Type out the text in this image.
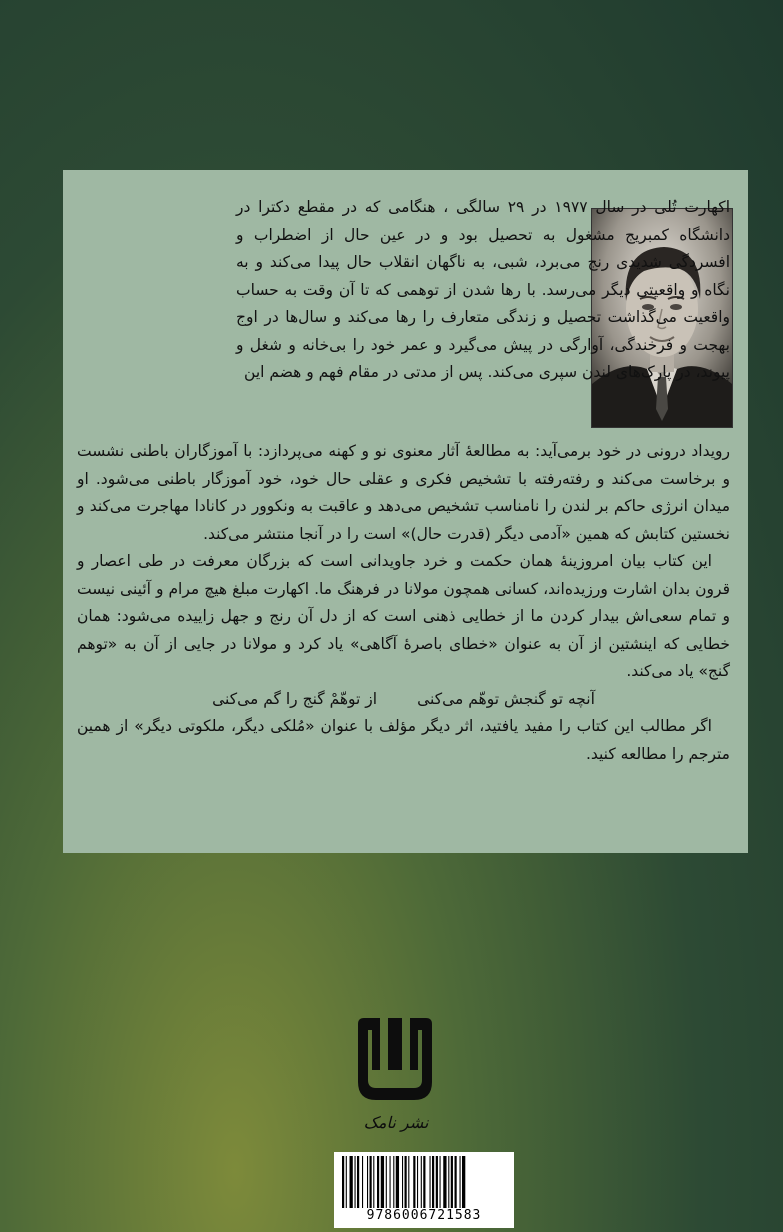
اکهارت تُلی در سال ۱۹۷۷ در ۲۹ سالگی ، هنگامی که در مقطع دکترا در دانشگاه کمبریج مشغول به تحصیل بود و در عین حال از اضطراب و افسردگی شدیدی رنج می‌برد، شبی، به ناگهان انقلاب حال پیدا می‌کند و به نگاه و واقعیتی دیگر می‌رسد. با رها شدن از توهمی که تا آن وقت به حساب واقعیت می‌گذاشت تحصیل و زندگی متعارف را رها می‌کند و سال‌ها در اوج بهجت و فرخندگی، آوارگی در پیش می‌گیرد و عمر خود را بی‌خانه و شغل و پیوند، در پارک‌های لندن سپری می‌کند. پس از مدتی در مقام فهم و هضم این

رویداد درونی در خود برمی‌آید: به مطالعهٔ آثار معنوی نو و کهنه می‌پردازد: با آموزگاران باطنی نشست و برخاست می‌کند و رفته‌رفته با تشخیص فکری و عقلی حال خود، خود آموزگار باطنی می‌شود. او میدان انرژی حاکم بر لندن را نامناسب تشخیص می‌دهد و عاقبت به ونکوور در کانادا مهاجرت می‌کند و نخستین کتابش که همین «آدمی دیگر (قدرت حال)» است را در آنجا منتشر می‌کند.

این کتاب بیان امروزینهٔ همان حکمت و خرد جاویدانی است که بزرگان معرفت در طی اعصار و قرون بدان اشارت ورزیده‌اند، کسانی همچون مولانا در فرهنگ ما. اکهارت مبلغ هیچ مرام و آئینی نیست و تمام سعی‌اش بیدار کردن ما از خطایی ذهنی است که از دل آن رنج و جهل زاییده می‌شود: همان خطایی که اینشتین از آن به عنوان «خطای باصرهٔ آگاهی» یاد کرد و مولانا در جایی از آن به «توهم گنج» یاد می‌کند.

آنچه تو گنجش توهّم می‌کنی
از توهّمْ گنج را گم می‌کنی

اگر مطالب این کتاب را مفید یافتید، اثر دیگر مؤلف با عنوان «مُلکی دیگر، ملکوتی دیگر» از همین مترجم را مطالعه کنید.

نشر نامک
9786006721583
